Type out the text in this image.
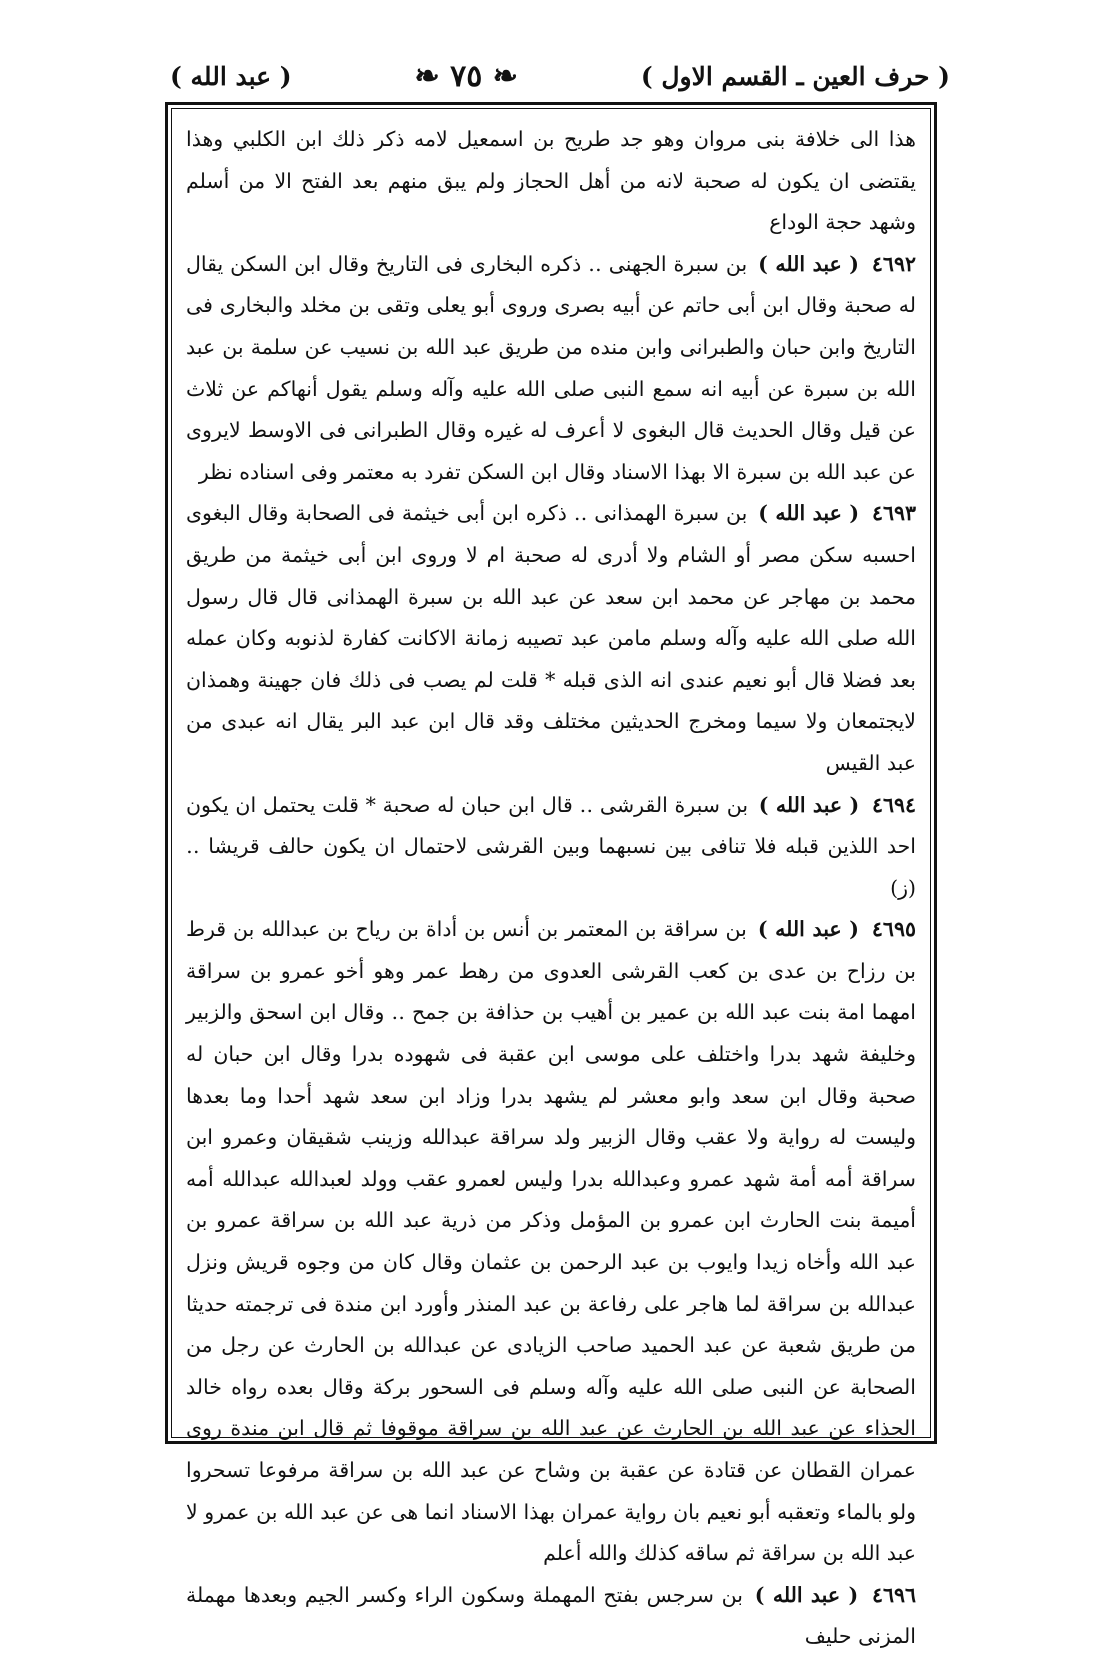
( حرف العين ـ القسم الاول )
❧ ٧٥ ❧
( عبد الله )
هذا الى خلافة بنى مروان وهو جد طريح بن اسمعيل لامه ذكر ذلك ابن الكلبي وهذا يقتضى ان يكون له صحبة لانه من أهل الحجاز ولم يبق منهم بعد الفتح الا من أسلم وشهد حجة الوداع
٤٦٩٢ ( عبد الله ) بن سبرة الجهنى ‥ ذكره البخارى فى التاريخ وقال ابن السكن يقال له صحبة وقال ابن أبى حاتم عن أبيه بصرى وروى أبو يعلى وتقى بن مخلد والبخارى فى التاريخ وابن حبان والطبرانى وابن منده من طريق عبد الله بن نسيب عن سلمة بن عبد الله بن سبرة عن أبيه انه سمع النبى صلى الله عليه وآله وسلم يقول أنهاكم عن ثلاث عن قيل وقال الحديث قال البغوى لا أعرف له غيره وقال الطبرانى فى الاوسط لايروى عن عبد الله بن سبرة الا بهذا الاسناد وقال ابن السكن تفرد به معتمر وفى اسناده نظر
٤٦٩٣ ( عبد الله ) بن سبرة الهمذانى ‥ ذكره ابن أبى خيثمة فى الصحابة وقال البغوى احسبه سكن مصر أو الشام ولا أدرى له صحبة ام لا وروى ابن أبى خيثمة من طريق محمد بن مهاجر عن محمد ابن سعد عن عبد الله بن سبرة الهمذانى قال قال رسول الله صلى الله عليه وآله وسلم مامن عبد تصيبه زمانة الاكانت كفارة لذنوبه وكان عمله بعد فضلا قال أبو نعيم عندى انه الذى قبله * قلت لم يصب فى ذلك فان جهينة وهمذان لايجتمعان ولا سيما ومخرج الحديثين مختلف وقد قال ابن عبد البر يقال انه عبدى من عبد القيس
٤٦٩٤ ( عبد الله ) بن سبرة القرشى ‥ قال ابن حبان له صحبة * قلت يحتمل ان يكون احد اللذين قبله فلا تنافى بين نسبهما وبين القرشى لاحتمال ان يكون حالف قريشا ‥ (ز)
٤٦٩٥ ( عبد الله ) بن سراقة بن المعتمر بن أنس بن أداة بن رياح بن عبدالله بن قرط بن رزاح بن عدى بن كعب القرشى العدوى من رهط عمر وهو أخو عمرو بن سراقة امهما امة بنت عبد الله بن عمير بن أهيب بن حذافة بن جمح ‥ وقال ابن اسحق والزبير وخليفة شهد بدرا واختلف على موسى ابن عقبة فى شهوده بدرا وقال ابن حبان له صحبة وقال ابن سعد وابو معشر لم يشهد بدرا وزاد ابن سعد شهد أحدا وما بعدها وليست له رواية ولا عقب وقال الزبير ولد سراقة عبدالله وزينب شقيقان وعمرو ابن سراقة أمه أمة شهد عمرو وعبدالله بدرا وليس لعمرو عقب وولد لعبدالله عبدالله أمه أميمة بنت الحارث ابن عمرو بن المؤمل وذكر من ذرية عبد الله بن سراقة عمرو بن عبد الله وأخاه زيدا وايوب بن عبد الرحمن بن عثمان وقال كان من وجوه قريش ونزل عبدالله بن سراقة لما هاجر على رفاعة بن عبد المنذر وأورد ابن مندة فى ترجمته حديثا من طريق شعبة عن عبد الحميد صاحب الزيادى عن عبدالله بن الحارث عن رجل من الصحابة عن النبى صلى الله عليه وآله وسلم فى السحور بركة وقال بعده رواه خالد الحذاء عن عبد الله بن الحارث عن عبد الله بن سراقة موقوفا ثم قال ابن مندة روى عمران القطان عن قتادة عن عقبة بن وشاح عن عبد الله بن سراقة مرفوعا تسحروا ولو بالماء وتعقبه أبو نعيم بان رواية عمران بهذا الاسناد انما هى عن عبد الله بن عمرو لا عبد الله بن سراقة ثم ساقه كذلك والله أعلم
٤٦٩٦ ( عبد الله ) بن سرجس بفتح المهملة وسكون الراء وكسر الجيم وبعدها مهملة المزنى حليف
